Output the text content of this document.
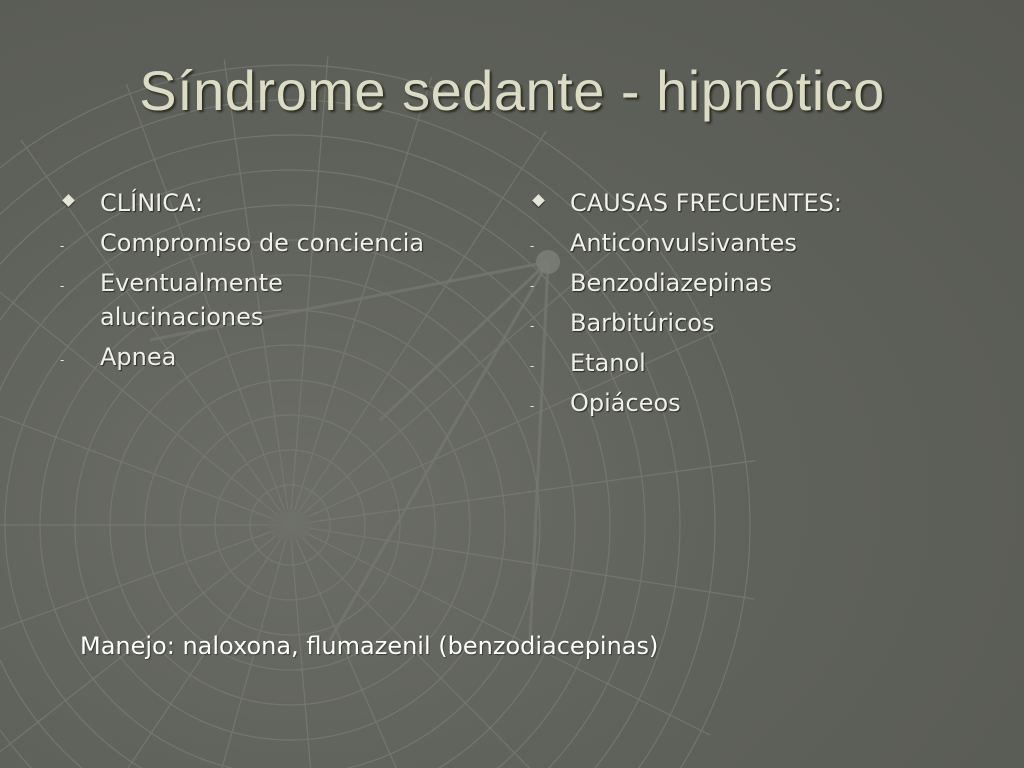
Síndrome sedante - hipnótico
CLÍNICA:
-	Compromiso de conciencia
-	Eventualmente alucinaciones
-	Apnea
CAUSAS FRECUENTES:
-	Anticonvulsivantes
-	Benzodiazepinas
-	Barbitúricos
-	Etanol
-	Opiáceos
Manejo: naloxona, flumazenil (benzodiacepinas)
